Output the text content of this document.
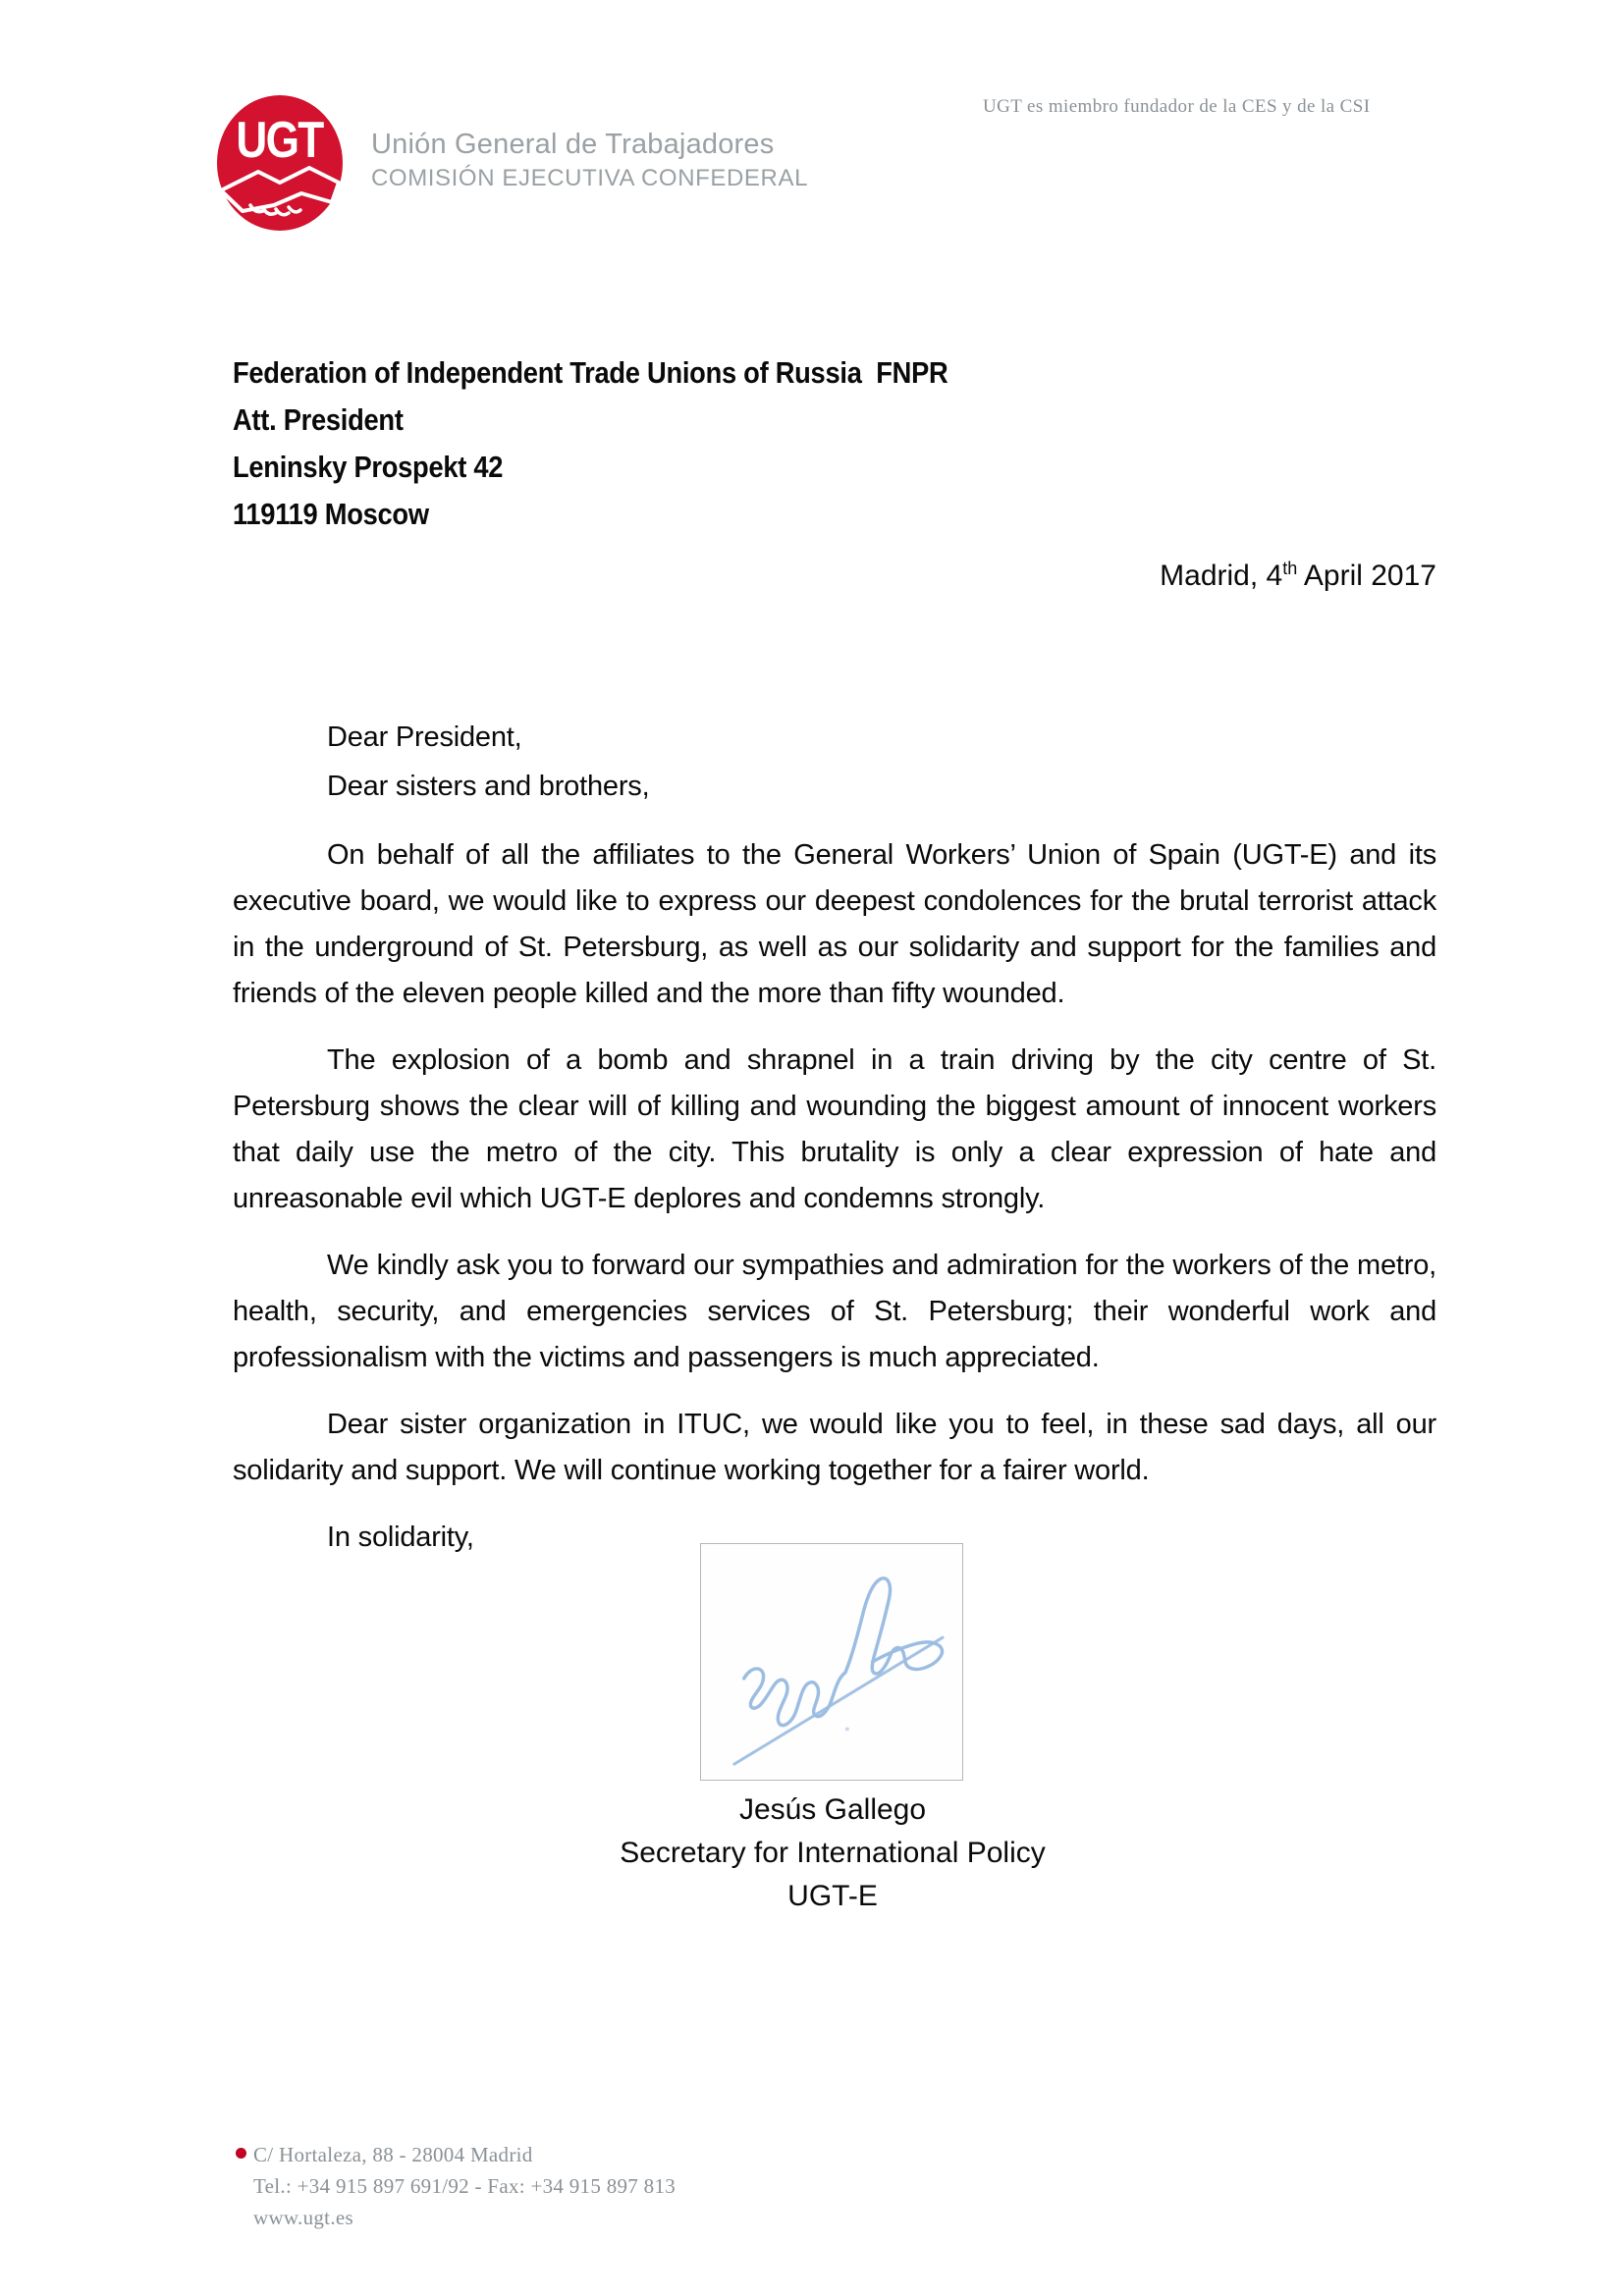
UGT Unión General de Trabajadores
COMISIÓN EJECUTIVA CONFEDERAL
UGT es miembro fundador de la CES y de la CSI
Federation of Independent Trade Unions of Russia  FNPR
Att. President
Leninsky Prospekt 42
119119 Moscow
Madrid, 4th April 2017
Dear President,
Dear sisters and brothers,

On behalf of all the affiliates to the General Workers’ Union of Spain (UGT-E) and its executive board, we would like to express our deepest condolences for the brutal terrorist attack in the underground of St. Petersburg, as well as our solidarity and support for the families and friends of the eleven people killed and the more than fifty wounded.

The explosion of a bomb and shrapnel in a train driving by the city centre of St. Petersburg shows the clear will of killing and wounding the biggest amount of innocent workers that daily use the metro of the city. This brutality is only a clear expression of hate and unreasonable evil which UGT-E deplores and condemns strongly.

We kindly ask you to forward our sympathies and admiration for the workers of the metro, health, security, and emergencies services of St. Petersburg; their wonderful work and professionalism with the victims and passengers is much appreciated.

Dear sister organization in ITUC, we would like you to feel, in these sad days, all our solidarity and support. We will continue working together for a fairer world.

In solidarity,

Jesús Gallego
Secretary for International Policy
UGT-E
C/ Hortaleza, 88 - 28004 Madrid
Tel.: +34 915 897 691/92 - Fax: +34 915 897 813
www.ugt.es
